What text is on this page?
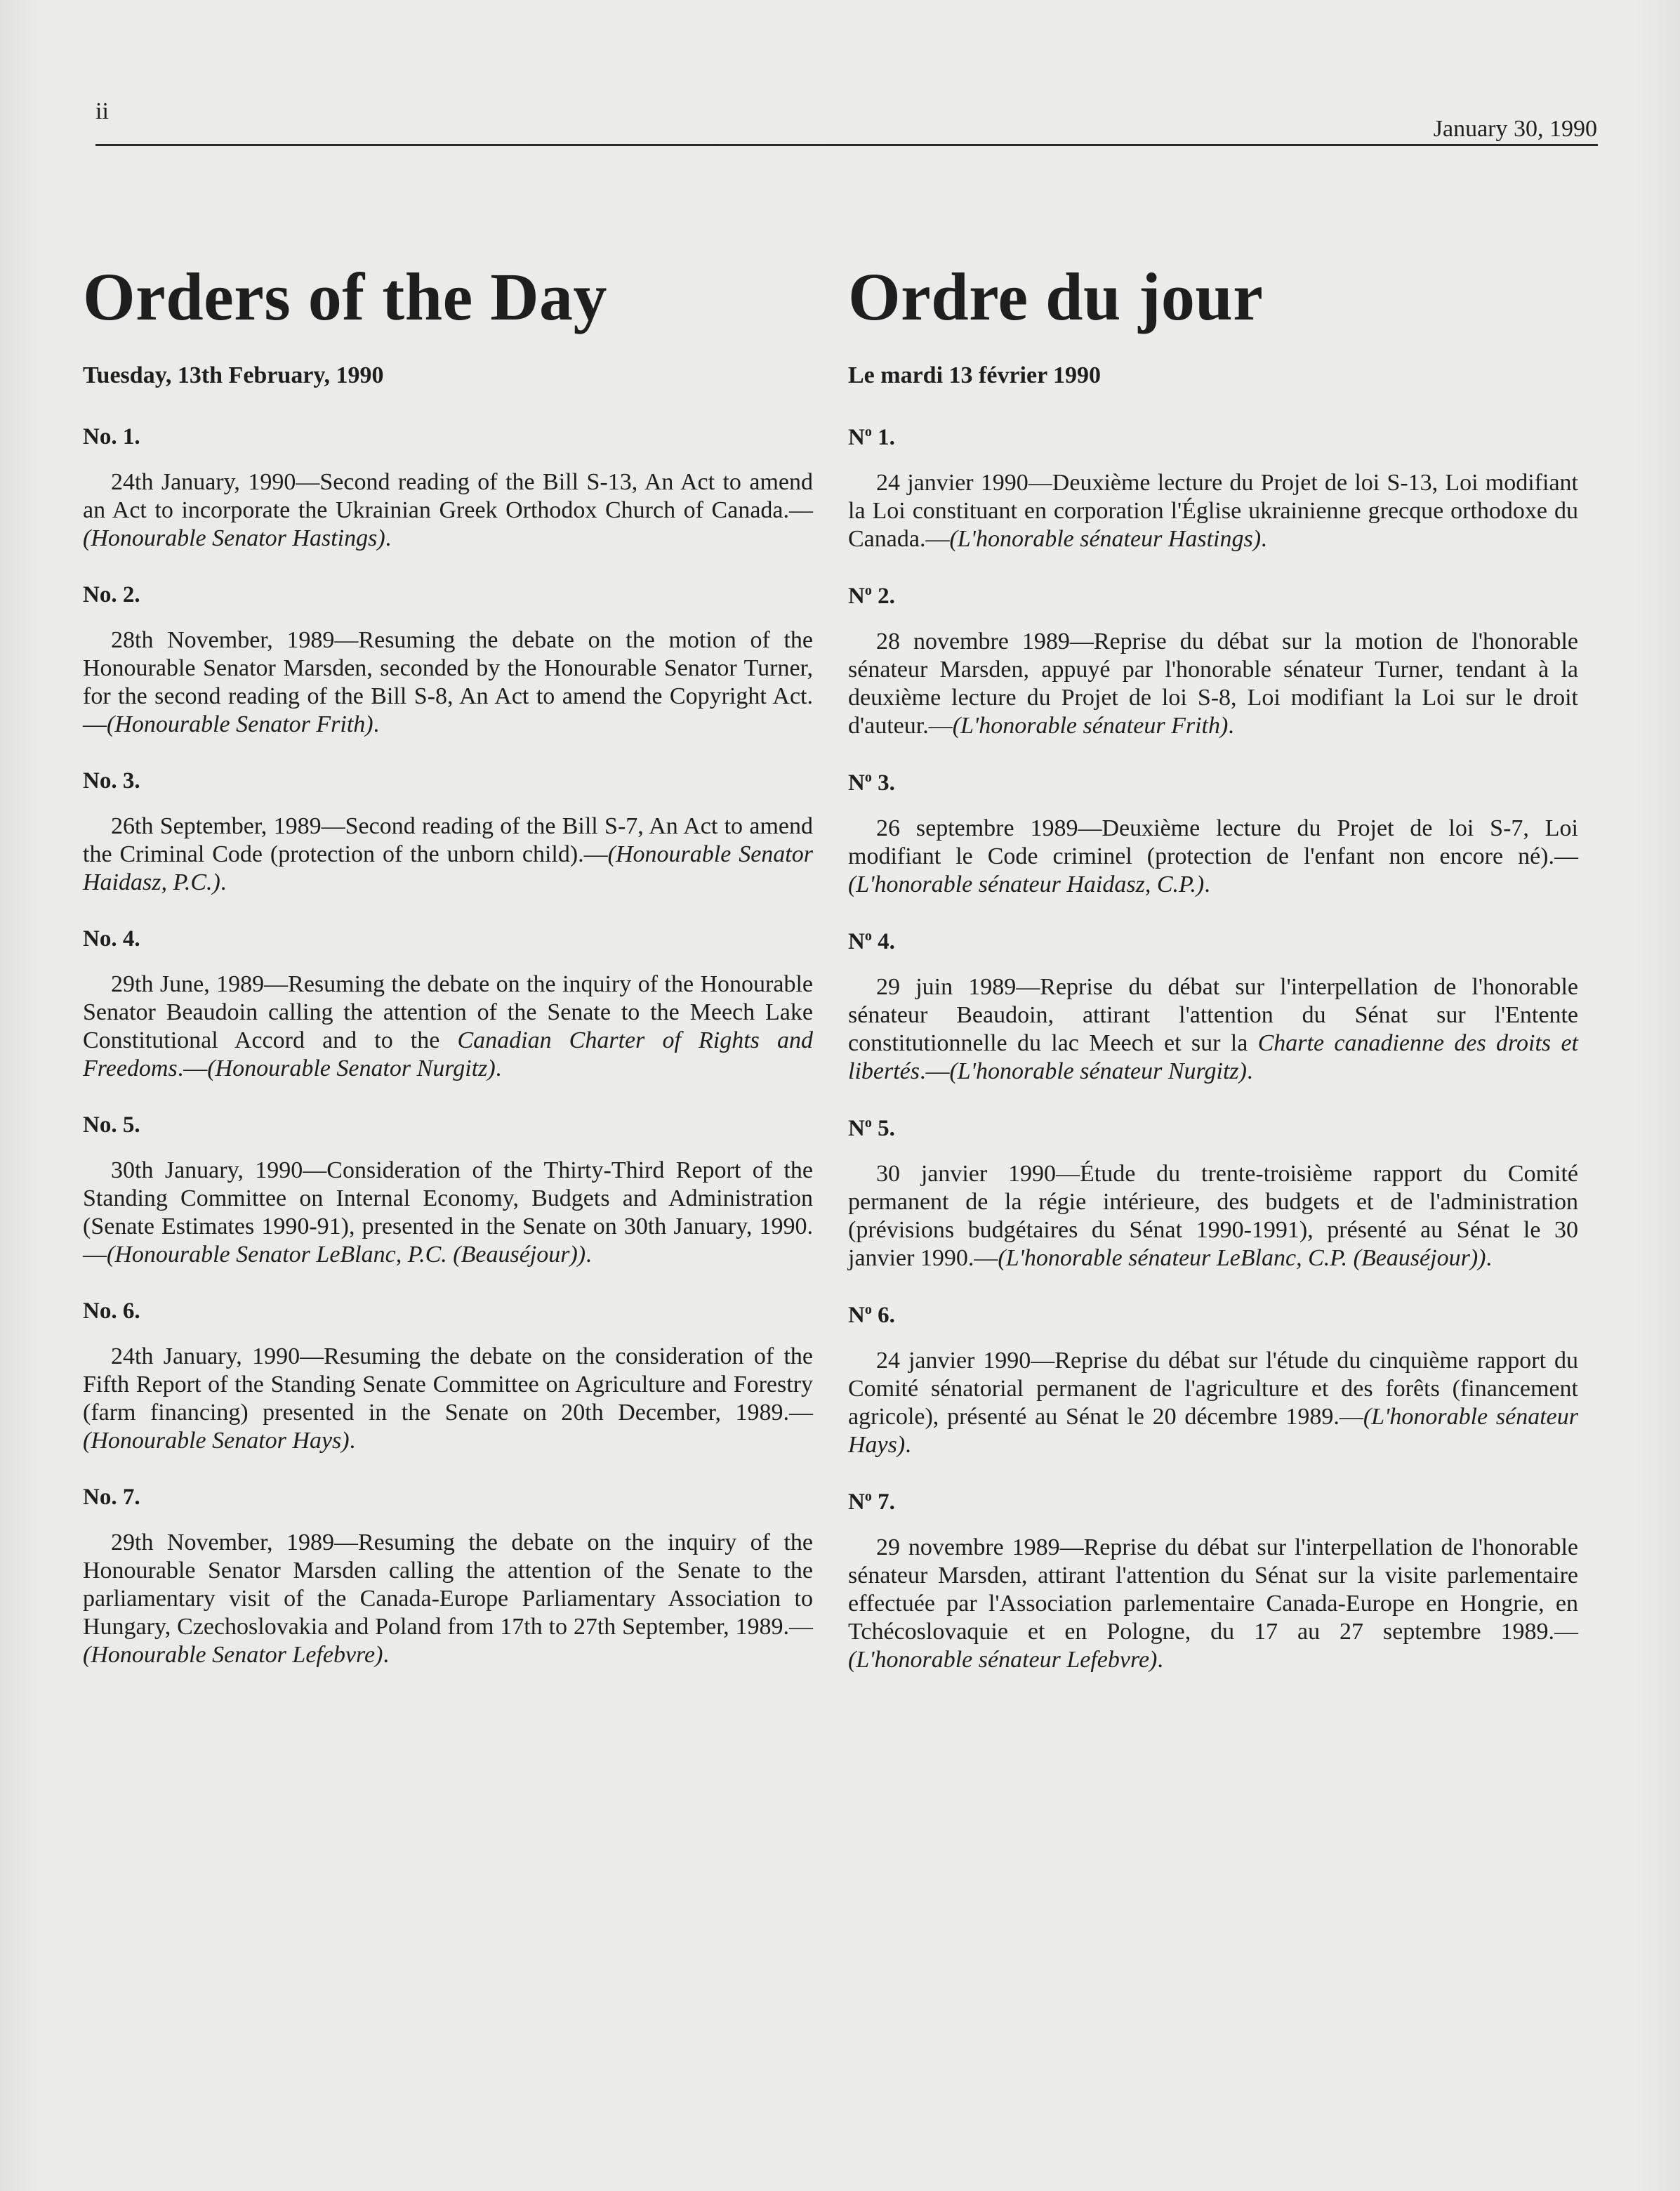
ii
January 30, 1990
Orders of the Day
Tuesday, 13th February, 1990
No. 1.

24th January, 1990—Second reading of the Bill S-13, An Act to amend an Act to incorporate the Ukrainian Greek Orthodox Church of Canada.—(Honourable Senator Hastings).

No. 2.

28th November, 1989—Resuming the debate on the motion of the Honourable Senator Marsden, seconded by the Honourable Senator Turner, for the second reading of the Bill S-8, An Act to amend the Copyright Act.—(Honourable Senator Frith).

No. 3.

26th September, 1989—Second reading of the Bill S-7, An Act to amend the Criminal Code (protection of the unborn child).—(Honourable Senator Haidasz, P.C.).

No. 4.

29th June, 1989—Resuming the debate on the inquiry of the Honourable Senator Beaudoin calling the attention of the Senate to the Meech Lake Constitutional Accord and to the Canadian Charter of Rights and Freedoms.—(Honourable Senator Nurgitz).

No. 5.

30th January, 1990—Consideration of the Thirty-Third Report of the Standing Committee on Internal Economy, Budgets and Administration (Senate Estimates 1990-91), presented in the Senate on 30th January, 1990.—(Honourable Senator LeBlanc, P.C. (Beauséjour)).

No. 6.

24th January, 1990—Resuming the debate on the consideration of the Fifth Report of the Standing Senate Committee on Agriculture and Forestry (farm financing) presented in the Senate on 20th December, 1989.—(Honourable Senator Hays).

No. 7.

29th November, 1989—Resuming the debate on the inquiry of the Honourable Senator Marsden calling the attention of the Senate to the parliamentary visit of the Canada-Europe Parliamentary Association to Hungary, Czechoslovakia and Poland from 17th to 27th September, 1989.—(Honourable Senator Lefebvre).

Ordre du jour
Le mardi 13 février 1990
$N^o$ 1.

24 janvier 1990—Deuxième lecture du Projet de loi S-13, Loi modifiant la Loi constituant en corporation l'Église ukrainienne grecque orthodoxe du Canada.—(L'honorable sénateur Hastings).

$N^o$ 2.

28 novembre 1989—Reprise du débat sur la motion de l'honorable sénateur Marsden, appuyé par l'honorable sénateur Turner, tendant à la deuxième lecture du Projet de loi S-8, Loi modifiant la Loi sur le droit d'auteur.—(L'honorable sénateur Frith).

$N^o$ 3.

26 septembre 1989—Deuxième lecture du Projet de loi S-7, Loi modifiant le Code criminel (protection de l'enfant non encore né).—(L'honorable sénateur Haidasz, C.P.).

$N^o$ 4.

29 juin 1989—Reprise du débat sur l'interpellation de l'honorable sénateur Beaudoin, attirant l'attention du Sénat sur l'Entente constitutionnelle du lac Meech et sur la Charte canadienne des droits et libertés.—(L'honorable sénateur Nurgitz).

$N^o$ 5.

30 janvier 1990—Étude du trente-troisième rapport du Comité permanent de la régie intérieure, des budgets et de l'administration (prévisions budgétaires du Sénat 1990-1991), présenté au Sénat le 30 janvier 1990.—(L'honorable sénateur LeBlanc, C.P. (Beauséjour)).

$N^o$ 6.

24 janvier 1990—Reprise du débat sur l'étude du cinquième rapport du Comité sénatorial permanent de l'agriculture et des forêts (financement agricole), présenté au Sénat le 20 décembre 1989.—(L'honorable sénateur Hays).

$N^o$ 7.

29 novembre 1989—Reprise du débat sur l'interpellation de l'honorable sénateur Marsden, attirant l'attention du Sénat sur la visite parlementaire effectuée par l'Association parlementaire Canada-Europe en Hongrie, en Tchécoslovaquie et en Pologne, du 17 au 27 septembre 1989.—(L'honorable sénateur Lefebvre).
